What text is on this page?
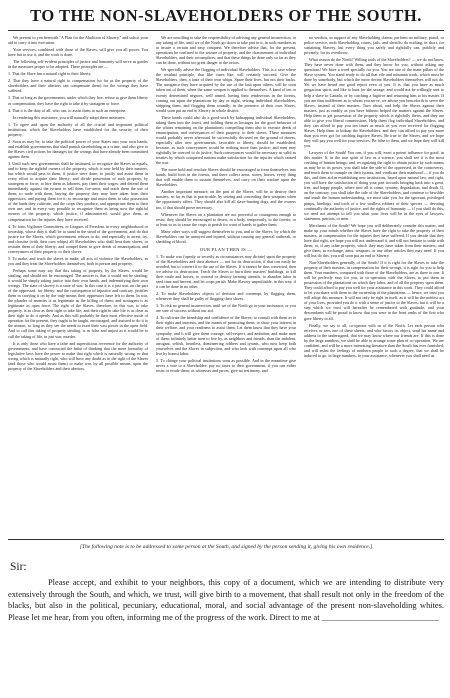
TO THE NON-SLAVEHOLDERS OF THE SOUTH.

We present to you herewith "A Plan for the Abolition of Slavery," and solicit your aid to carry it into execution.

Your services, combined with those of the Slaves, will give you all power. You have but to use it, and the work is done.

The following self-evident principles of justice and humanity will serve as guides in the measures proper to be adopted. These principles are —

1. That the Slave has a natural right to their liberty.

2. That they have a natural right to compensation (so far as the property of the slaveholders and their abettors can compensate them) for the wrongs they have suffered.

3. That so long as the governments, under which they live, refuse to give them liberty or compensation, they have the right to take it by stratagem or force.

4. That it is the duty of all, who can, to assist them in such an enterprise.

In rendering this assistance, you will naturally adopt these measures.

1. To agree and upon the authority of all the crucial and important political institutions, which the Slaveholders have established for the security of their property.

2. Soon as may be, to take the political power of your States into your own hands, and establish governments that shall punish slaveholding as a crime, and also give to the Slaves civil actions for damages for the wrongs that have already been committed against them.

3. Until such new governments shall be instituted, to recognize the Slaves as equals, and to keep the rightful owners of the property, which is now held by their masters, but which would pass to them, if justice were done; to justify and assist them in every effort to acquire their liberty; and divide possession of such property, by strategem or force; to hire them as laborers, pay them their wages; and defend them immediately against the tyrants to sell them fire-arms, and teach them the use of them; to trade with them, buying the property they may have taken from their oppressors, and paying them for it; to encourage and assist them to take possession of the lands they cultivate, and the crops they produce, and appropriate them to their own use; and in every way possible to recognize them as being now the rightful owners of the property, which justice, if administered, would give them, as compensation for the injuries they have received.

4. To form Vigilance Committees, or Leagues of Freedom, in every neighborhood or township, whose duty it shall be to stand in the stead of the government, and do that justice for the Slaves, which government refuses to do; and especially to arrest, try, and chastise (with their own whips) all Slaveholders who shall beat their slaves, or restrain them of their liberty; and compel them to give deeds of emancipation, and conveyances of their property, to their slaves.

5. To make, and teach the slaves to make, all acts of violence the Slaveholders, as you and they treat the Slaveholders themselves, both in person and property.

Perhaps some may say that this taking of property, by the Slaves, would be stealing, and should not be encouraged. The answer is, that it would not be stealing; it would be simply taking justice into their own hands, and indemnifying their own wrongs. The state of slavery is a state of war. In this case it is a just war, on the part of the oppressed, for liberty; and the consequence of injustice and contrary, justifies them in carrying it on by the only means their oppressors have left to them. In war, the plunder of enemies is as legitimate as the killing of them; and stratagem is as legitimate as open force. The right of the Slaves, therefore, in this war, to take property, is as clear as their right to take life; and their right to take life is as clear as their right to do it openly. And as this will probably be their most effective mode of operation for the present, they ought to be taught, encouraged, and assisted to do it to the utmost, so long as they see the needs to exert their vast power in the open field. And to call this taking of property stealing, is as false and unjust as it would be to call the taking of life, in just war, murder.

It is only those who have a false and superstitious reverence for the authority of governments, and have contracted the habit of thinking that the mere formality of legislative laws have the power to make that right which is naturally wrong, or that wrong which is naturally right, who will have any doubt as to the right of the Slaves (and those who would assist them) to make war, by all possible means, upon the property of the Slaveholders and their abettors.

We are unwilling to take the responsibility of advising any general insurrection, or any taking of life, until we of the North go down to take part in it, in such numbers as to insure a certain and easy conquest. We therefore advise that, for the present, operations be confined to the seizure of property, and the chastisement of individual Slaveholders, and their accomplices; and that these things be done only so far as they can be done, without too great danger to the actors.

We specially advise the flogging of individual Slaveholders. This is a case where the residual principle, that like cures like, will certainly succeed. Give the Slaveholders, then, a taste of their own whips. Spare their lives, but not their backs. The arrogance they have acquired by the use of the lash upon others, will be soon taken out of them, when the same weapon is applied to themselves. A band of ten or twenty determined negroes, well armed, having their rendezvous in the forests, coming out upon the plantations by day or night, seizing individual Slaveholders, stripping them, and flogging them soundly, in the presence of their own Slaves, would soon put an end to Slavery in whole district.

These bands could also do a good work by kidnapping individual Slaveholders, taking them into the forest, and holding them as hostages for the good behavior of the whites remaining on the plantations; compelling them also to execute deeds of emancipation, and conveyances of their property, to their slaves. These measures would probably never afterward be successfully dis-used on the ground of duress, especially after new governments, favorable to liberty, should be established; because, as such conveyances would be nothing more than justice; and men may rightfully be coerced to do justice. Such conveyances would be necessary as valid as treaties by which conquered nations make satisfaction for the injuries which caused the war.

The more bold and resolute Slaves should be encouraged to form themselves into bands, build forts in the forests, and there collect arms, stores, horses, every thing that will enable them to sustain themselves, and carry on their warfare upon the Slaveholders.

Another important measure, on the part of the Slaves, will be to destroy their masters, so far as that is practicable, by seizing and concealing their weapons when the opportunity offers. They should also kill all slave-hunting dogs, and the owners too, if that should prove necessary.

Whenever the Slaves on a plantation are not powerful or courageous enough to resist, they should be encouraged to desert, in a body, temporarily, to the forests; or at least so as to cause the crops to perish for want of hands to gather them.

Many other ways will suggest themselves to you, and to the Slaves, by which the Slaveholders can be annoyed and injured, without causing any general outbreak, or shedding of blood.

OUR PLAN THEN IS —

1. To make war (openly or secretly as circumstances may dictate) upon the property of the Slaveholders and their abettors — not for its destruction, if that can easily be avoided, but to convert it to the use of the Slaves. If it cannot be thus converted, then we advise its destruction. Teach the Slaves to burn their masters' buildings, to kill their cattle and horses, to conceal or destroy farming utensils, to abandon labor in seed time and harvest, and let crops perish. Make Slavery unprofitable, in this way, if it can be done in no other.

2. To make Slaveholders objects of derision and contempt, by flogging them, whenever they shall be guilty of flogging their slaves.

3. To risk no general insurrection, until we of the North go to your assistance, or you are sure of success without our aid.

4. To cultivate the friendship and confidence of the Slaves; to consult with them as to their rights and interests, and the means of promoting them; to show your interest in their welfare, and your readiness to assist them. Let them know that they have your sympathy, and it will give them courage, self-respect, and ambition, and make men of them; infinitely better men to live by, as neighbors and friends, than the indolent, arrogant, selfish, heartless, domineering robbers and tyrants, who now keep both yourselves and the Slaves in subjection, and who look with contempt upon all who live by honest labor.

5. To change your political institutions soon as possible. And in the meantime give never a vote to a Slaveholder; pay no taxes to their government, if you can either resist or evade them; as witnesses and jurors, give no testimony, and

no verdicts, in support of any Slaveholding claims; perform no military, patrol, or police service; mob Slaveholding courts, jails, and sheriffs; do nothing, in short, for sustaining Slavery, but every thing you safely and rightfully can, publicly and privately, for its overthrow.

What reason do the North? Willing tools of the Slaveholders? — we do not know. They have never done with them, and they know for you, without asking any questions! We have a word specially for you. You are one of the main pillars of the Slave system. You stand ready to do all that vile and inhuman work, which must be done by somebody, but which the more decent Slaveholders themselves will not do. Yet we have heard one good report even of you. It is, that you have as much gregarious spirit, and like to hunt for the savage; and would not be willingly sent to help a slave to Canada, or by catching a fugitive and returning him to his master. If you are thus indifferent as to whom you serve, we advise you henceforth to serve the Slaves, instead of their masters. Turn about, and help the Slaves against their masters, just as readily as you have hitherto helped the masters against the Slaves. Help them to get possession of the property which is rightfully theirs, and they are able to give you liberal commissions. Help them flog individual Slaveholders, and they can afford to pay you ten times as much as you ever received for flogging Slaves. Help them to kidnap the Slaveholders, and they can afford to pay you more than you ever got for catching fugitive Slaves. Be true to the Slaves, and we hope they will pay you well for your services. Be false to them, and we hope they will kill you.

Lawyers of the South! You can, if you will, exert a potent influence for good, in this matter. If, in the true spirit of law as a science, you shall see it is the most crushing of human beings; and, recognizing the right to obtain justice by such means as may be in its power, you shall take the side of the oppressed, in the controversy, and teach them to trample on their tyrants, and vindicate their manhood — if you do this, and then aid in establishing new institutions, based upon natural law, and right, you will have the satisfaction of doing your part towards bringing back into a great, free, and happy people, where now all is crime, tyranny, degradation, and death. If, on the contrary, you shall take the side of the Slaveholders, and continue to bewilder and insult the human understanding, we must take you for the ignorant, privileged pimps, hirelings, and tools of a few soulless robbers of their species — devoting continually the authority of justice, and the rights of humanity — if you shall do this, we need not attempt to tell you what your lives will be in the eyes of lawyers, statesmen, patriots, or men.

Merchants of the South! We hope you will deliberately consider this matter, and make up your minds whether the Slaves have the right to take the property of their masters, in compensation for the injuries they have suffered. If you decide that they have that right, we hope you will not understand it, and will not hesitate to trade with them; or, if any other property, which they may have taken from their masters; and give them, in exchange, arms, weapons, or any other articles they may need. If you will but do this, you will soon put an end to Slavery.

Non-Slaveholders generally of the South! If it is right for the Slaves to take the property of their masters, in compensation for their wrongs, it is right for you to help them. Your numbers, compared with those of the Slaveholders, are as three to one. It will be perfectly easy for you, in co-operation with the Slaves, to put them in possession of the plantations on which they labor, and of all the property upon them. They could afford to pay you well for your assistance in this work. They could afford to let you share with them in the ownership of the plantations — hence, we trust you will adopt this measure. It will not only be right in itself, as it will be the noblest act of your lives, provided you do it with a sense of justice to the Slaves; but it will be a step which we trust will hereafter be remembered with gratitude, and your descendants will be proud to know that you were in the front ranks of the first who gave liberty to all.

Finally, we say to all, co-operate with us of the North. Let each person who receives or sees one of these sheets, and who favors its object, send his name and address to the undersigned, that we may know where our friends are. If this is done by the large numbers, we shall be able to arrange some plan of co-operation. We are confident, and will be a more interesting literature than the South has ever furnished; and will enlist the feelings of northern people to such a degree, that we shall be induced to go, in large numbers, to your assistance, whenever you shall need us.

[The following note is to be addressed to some person at the South, and signed by the person sending it, giving his own residence.]

Sir:

Please accept, and exhibit to your neighbors, this copy of a document, which we are intending to distribute very extensively through the South, and which, we trust, will give birth to a movement, that shall result not only in the freedom of the blacks, but also in the political, pecuniary, educational, moral, and social advantage of the present non-slaveholding whites. Please let me hear, from you often, informing me of the progress of the work. Direct to me at ____________________________
